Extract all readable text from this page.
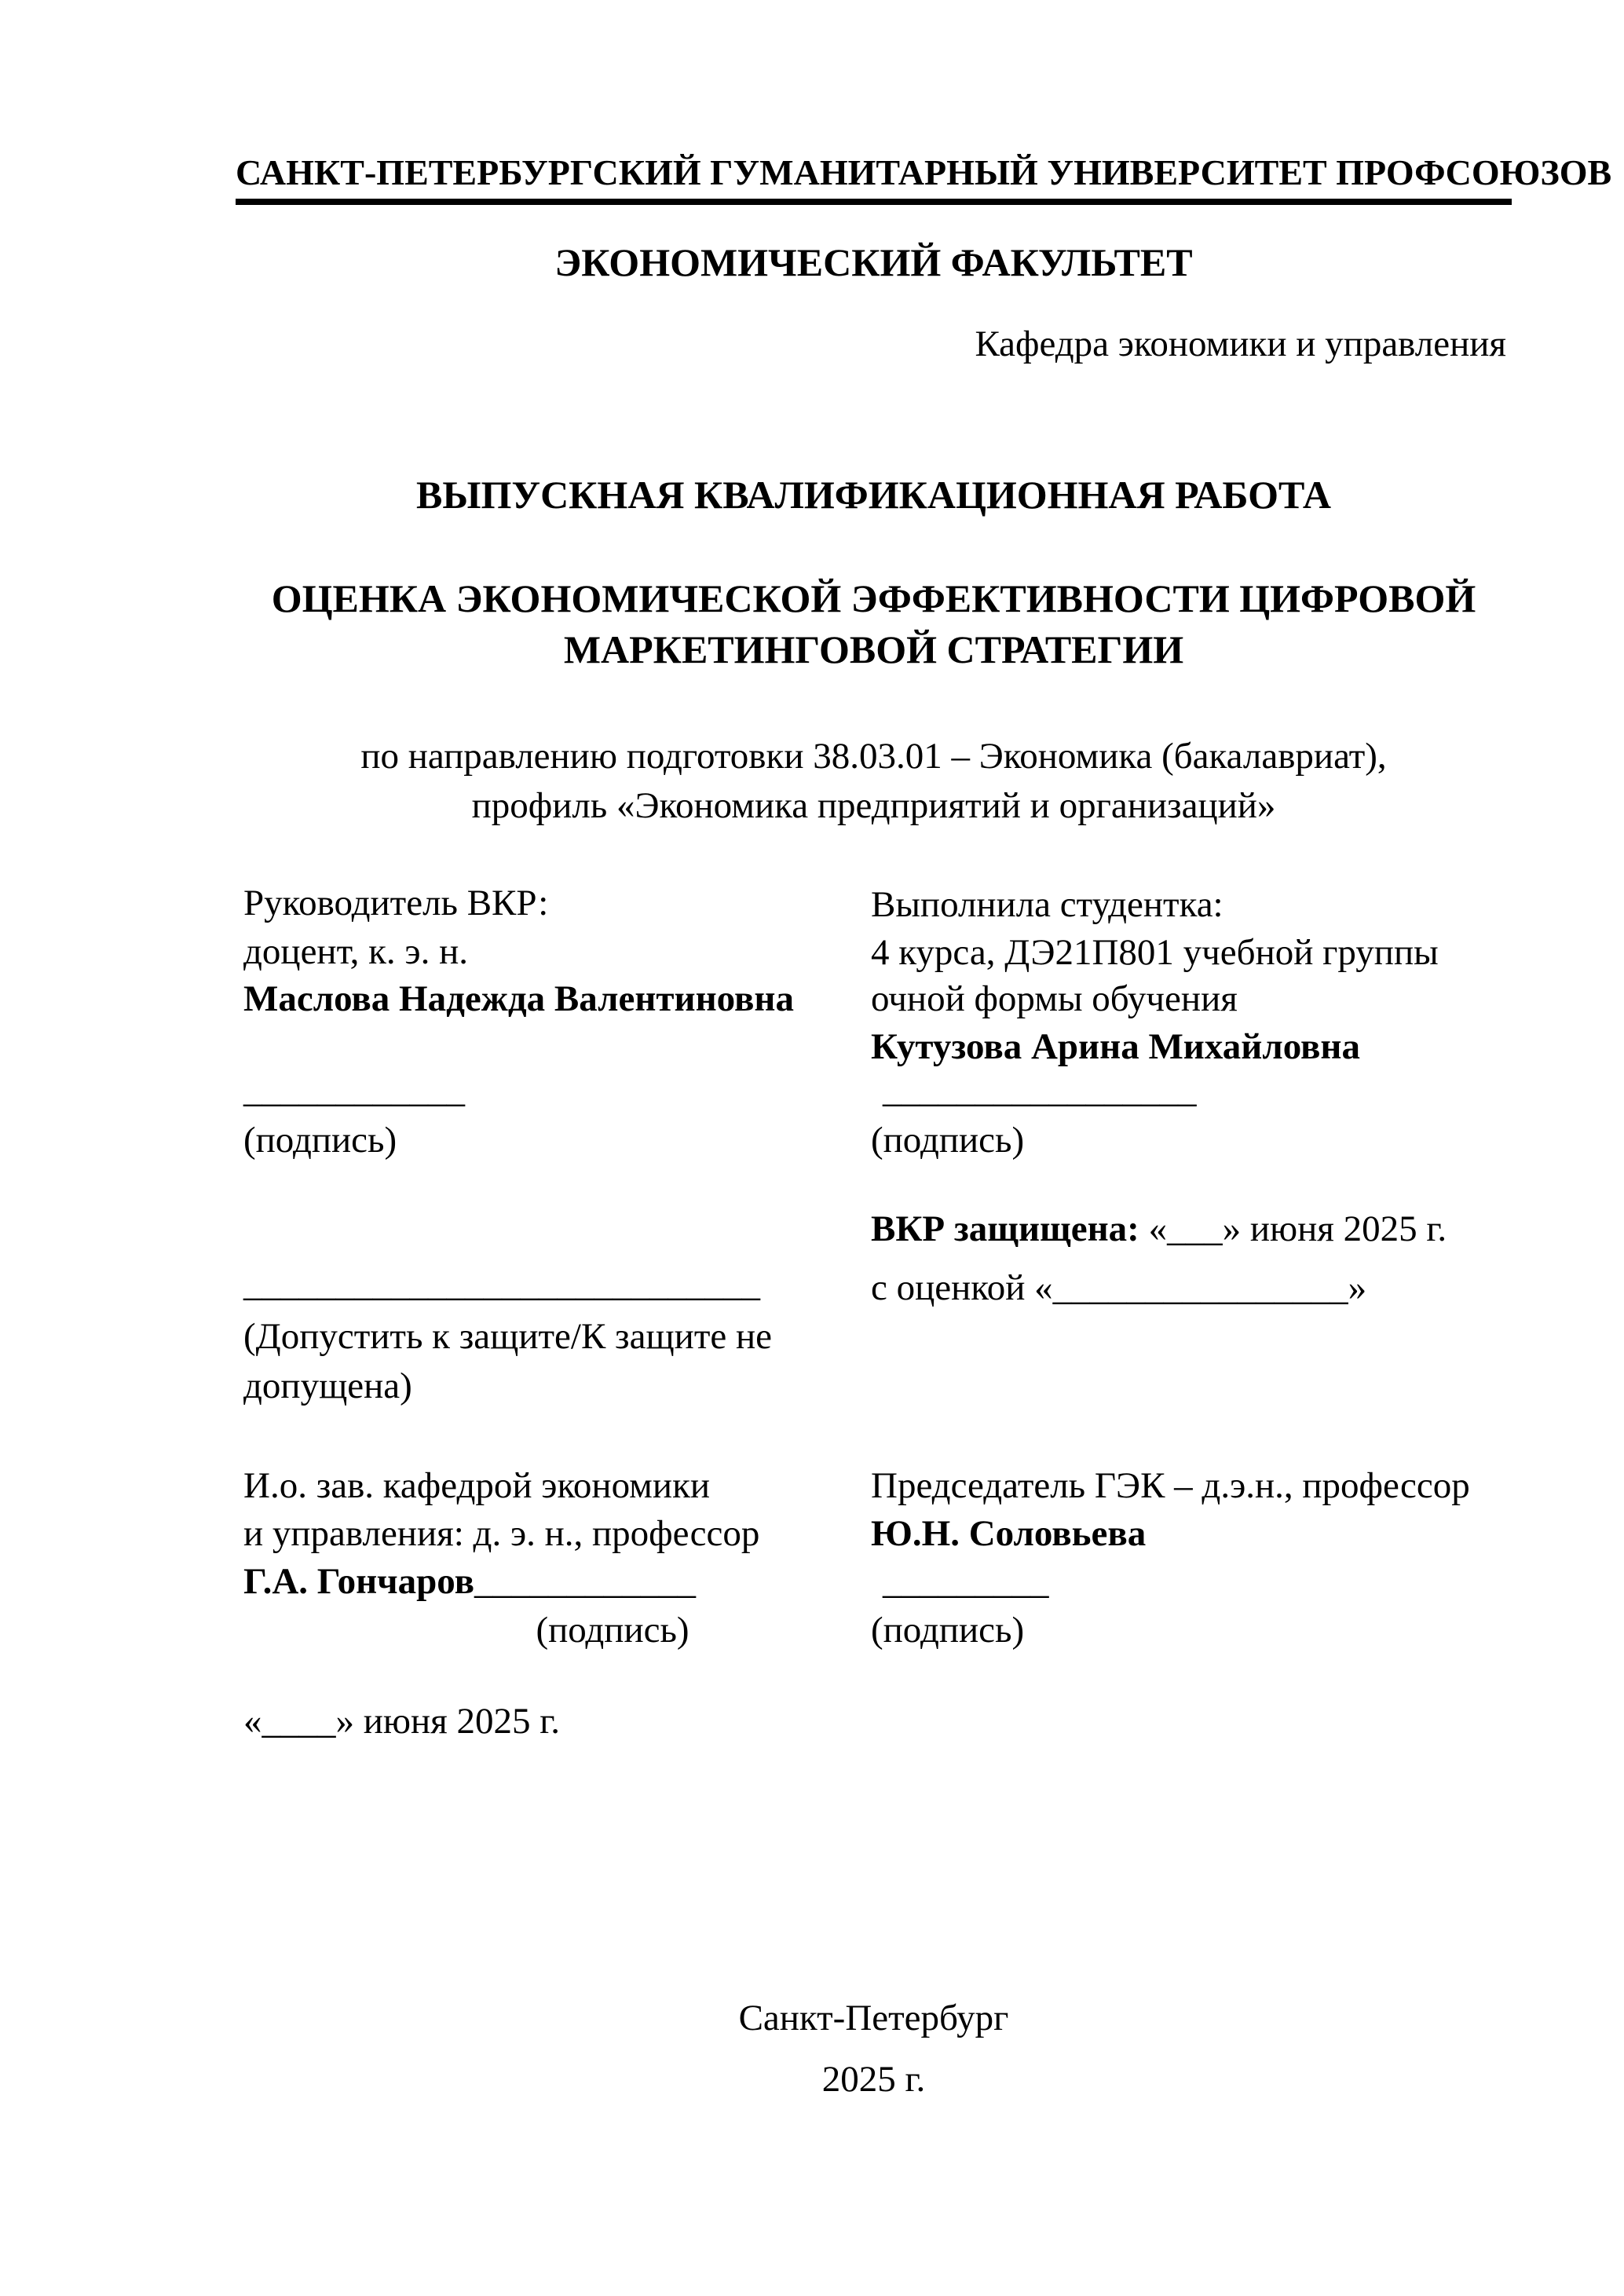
САНКТ-ПЕТЕРБУРГСКИЙ ГУМАНИТАРНЫЙ УНИВЕРСИТЕТ ПРОФСОЮЗОВ
ЭКОНОМИЧЕСКИЙ ФАКУЛЬТЕТ
Кафедра экономики и управления
ВЫПУСКНАЯ КВАЛИФИКАЦИОННАЯ РАБОТА
ОЦЕНКА ЭКОНОМИЧЕСКОЙ ЭФФЕКТИВНОСТИ ЦИФРОВОЙ
МАРКЕТИНГОВОЙ СТРАТЕГИИ
по направлению подготовки 38.03.01 – Экономика (бакалавриат),
профиль «Экономика предприятий и организаций»
Руководитель ВКР:
доцент, к. э. н.
Маслова Надежда Валентиновна
____________
(подпись)
Выполнила студентка:
4 курса, ДЭ21П801 учебной группы
очной формы обучения
Кутузова Арина Михайловна
_________________
(подпись)
ВКР защищена: «___» июня 2025 г.
с оценкой «________________»
____________________________
(Допустить к защите/К защите не
допущена)
И.о. зав. кафедрой экономики
и управления: д. э. н., профессор
Г.А. Гончаров____________
(подпись)
«____» июня 2025 г.
Председатель ГЭК – д.э.н., профессор
Ю.Н. Соловьева
_________
(подпись)
Санкт-Петербург
2025 г.
